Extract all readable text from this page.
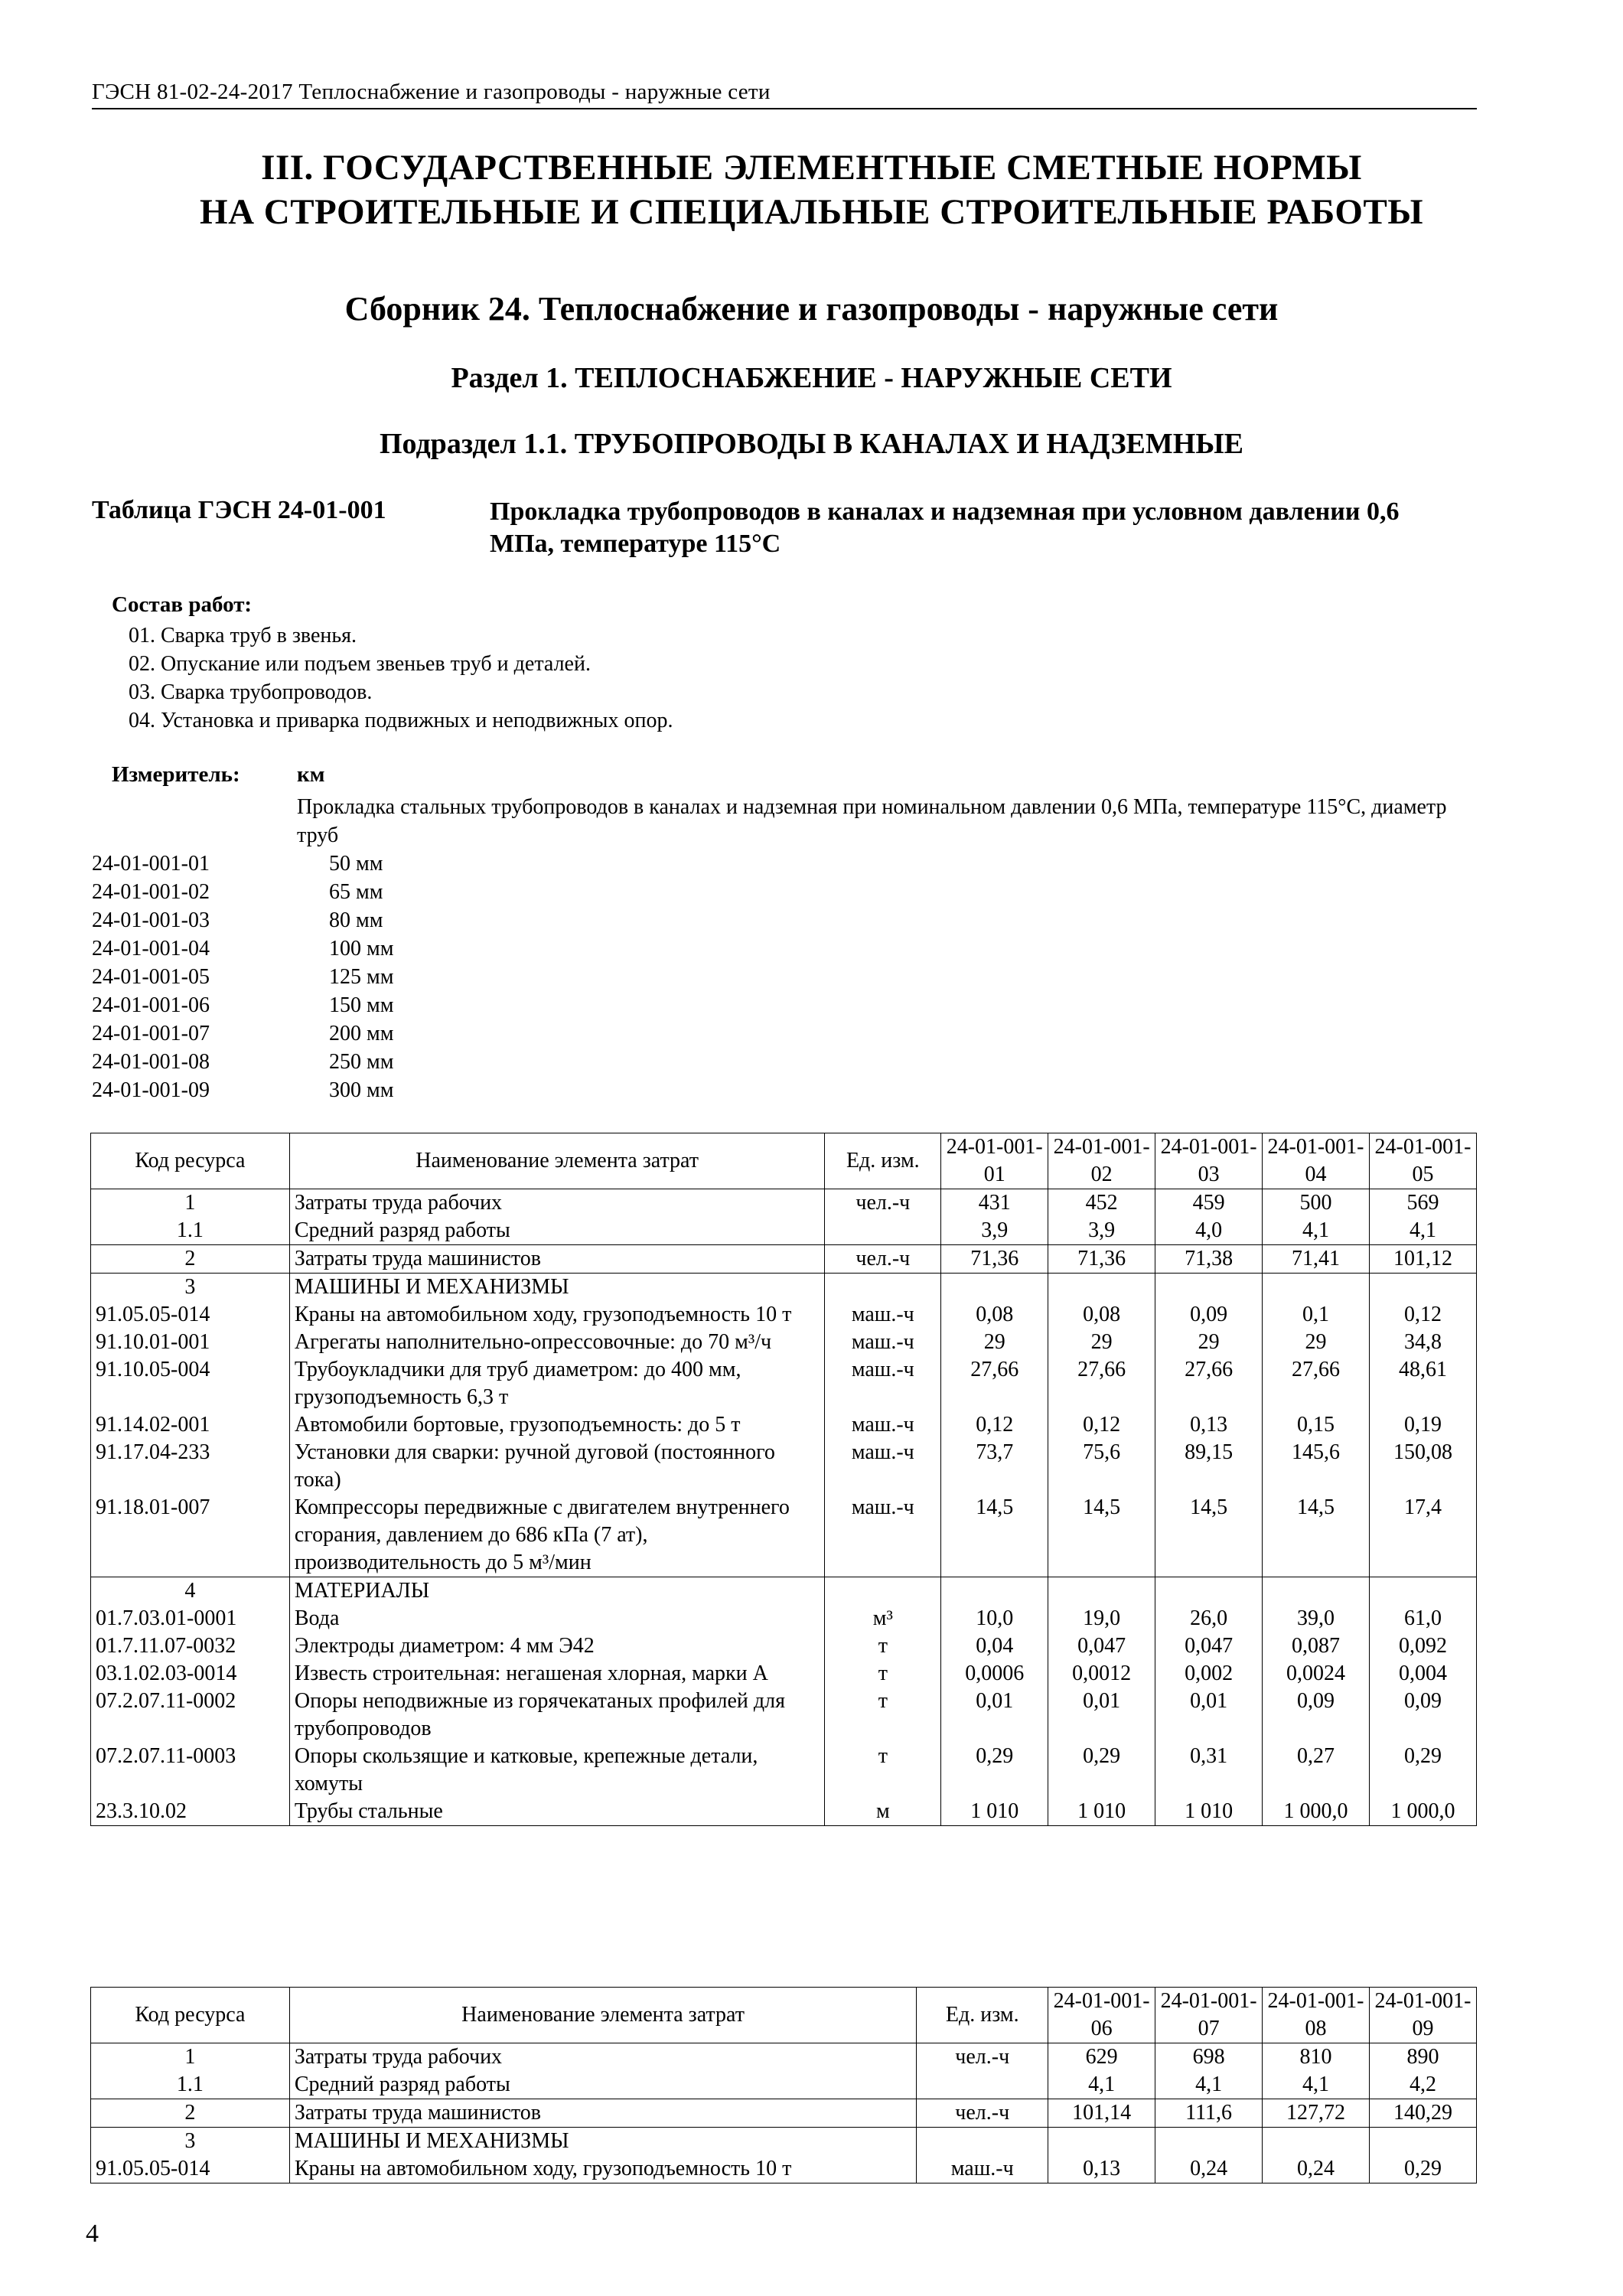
ГЭСН 81-02-24-2017 Теплоснабжение и газопроводы - наружные сети
III. ГОСУДАРСТВЕННЫЕ ЭЛЕМЕНТНЫЕ СМЕТНЫЕ НОРМЫ
НА СТРОИТЕЛЬНЫЕ И СПЕЦИАЛЬНЫЕ СТРОИТЕЛЬНЫЕ РАБОТЫ
Сборник 24. Теплоснабжение и газопроводы - наружные сети
Раздел 1. ТЕПЛОСНАБЖЕНИЕ - НАРУЖНЫЕ СЕТИ
Подраздел 1.1. ТРУБОПРОВОДЫ В КАНАЛАХ И НАДЗЕМНЫЕ
Таблица ГЭСН 24-01-001	Прокладка трубопроводов в каналах и надземная при условном давлении 0,6 МПа, температуре 115°С
Состав работ:
01. Сварка труб в звенья.
02. Опускание или подъем звеньев труб и деталей.
03. Сварка трубопроводов.
04. Установка и приварка подвижных и неподвижных опор.
Измеритель:	км
Прокладка стальных трубопроводов в каналах и надземная при номинальном давлении 0,6 МПа, температуре 115°С, диаметр труб
24-01-001-01	50 мм
24-01-001-02	65 мм
24-01-001-03	80 мм
24-01-001-04	100 мм
24-01-001-05	125 мм
24-01-001-06	150 мм
24-01-001-07	200 мм
24-01-001-08	250 мм
24-01-001-09	300 мм
Код ресурса	Наименование элемента затрат	Ед. изм.	24-01-001-01	24-01-001-02	24-01-001-03	24-01-001-04	24-01-001-05
1	Затраты труда рабочих	чел.-ч	431	452	459	500	569
1.1	Средний разряд работы		3,9	3,9	4,0	4,1	4,1
2	Затраты труда машинистов	чел.-ч	71,36	71,36	71,38	71,41	101,12
3	МАШИНЫ И МЕХАНИЗМЫ						
91.05.05-014	Краны на автомобильном ходу, грузоподъемность 10 т	маш.-ч	0,08	0,08	0,09	0,1	0,12
91.10.01-001	Агрегаты наполнительно-опрессовочные: до 70 м³/ч	маш.-ч	29	29	29	29	34,8
91.10.05-004	Трубоукладчики для труб диаметром: до 400 мм, грузоподъемность 6,3 т	маш.-ч	27,66	27,66	27,66	27,66	48,61
91.14.02-001	Автомобили бортовые, грузоподъемность: до 5 т	маш.-ч	0,12	0,12	0,13	0,15	0,19
91.17.04-233	Установки для сварки: ручной дуговой (постоянного тока)	маш.-ч	73,7	75,6	89,15	145,6	150,08
91.18.01-007	Компрессоры передвижные с двигателем внутреннего сгорания, давлением до 686 кПа (7 ат), производительность до 5 м³/мин	маш.-ч	14,5	14,5	14,5	14,5	17,4
4	МАТЕРИАЛЫ						
01.7.03.01-0001	Вода	м³	10,0	19,0	26,0	39,0	61,0
01.7.11.07-0032	Электроды диаметром: 4 мм Э42	т	0,04	0,047	0,047	0,087	0,092
03.1.02.03-0014	Известь строительная: негашеная хлорная, марки А	т	0,0006	0,0012	0,002	0,0024	0,004
07.2.07.11-0002	Опоры неподвижные из горячекатаных профилей для трубопроводов	т	0,01	0,01	0,01	0,09	0,09
07.2.07.11-0003	Опоры скользящие и катковые, крепежные детали, хомуты	т	0,29	0,29	0,31	0,27	0,29
23.3.10.02	Трубы стальные	м	1 010	1 010	1 010	1 000,0	1 000,0
Код ресурса	Наименование элемента затрат	Ед. изм.	24-01-001-06	24-01-001-07	24-01-001-08	24-01-001-09
1	Затраты труда рабочих	чел.-ч	629	698	810	890
1.1	Средний разряд работы		4,1	4,1	4,1	4,2
2	Затраты труда машинистов	чел.-ч	101,14	111,6	127,72	140,29
3	МАШИНЫ И МЕХАНИЗМЫ					
91.05.05-014	Краны на автомобильном ходу, грузоподъемность 10 т	маш.-ч	0,13	0,24	0,24	0,29
4
